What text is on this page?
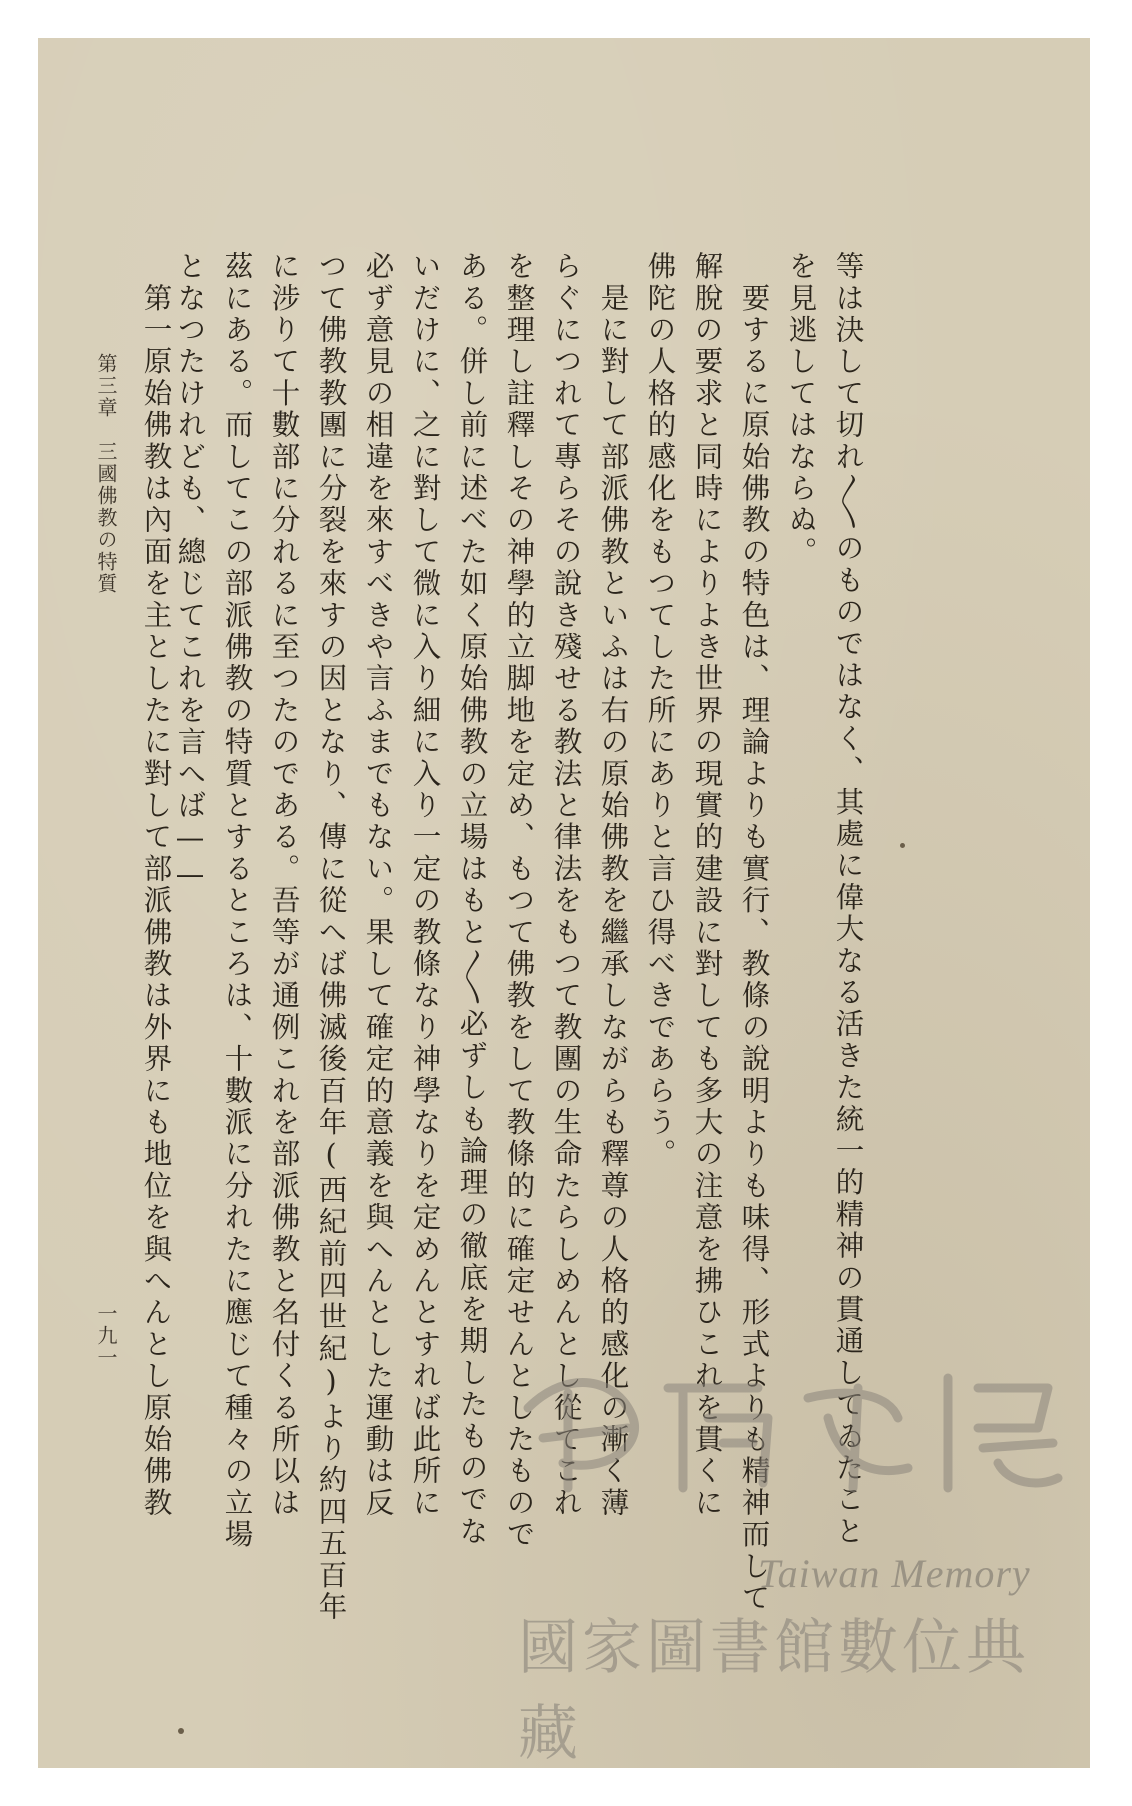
等は決して切れ〳〵のものではなく、其處に偉大なる活きた統一的精神の貫通してゐたこと
を見逃してはならぬ。
　要するに原始佛教の特色は、理論よりも實行、教條の說明よりも味得、形式よりも精神而して
解脫の要求と同時によりよき世界の現實的建設に對しても多大の注意を拂ひこれを貫くに
佛陀の人格的感化をもつてした所にありと言ひ得べきであらう。
　是に對して部派佛教といふは右の原始佛教を繼承しながらも釋尊の人格的感化の漸く薄
らぐにつれて專らその說き殘せる教法と律法をもつて教團の生命たらしめんとし從てこれ
を整理し註釋しその神學的立脚地を定め、もつて佛教をして教條的に確定せんとしたもので
ある。併し前に述べた如く原始佛教の立場はもと〳〵必ずしも論理の徹底を期したものでな
いだけに、之に對して微に入り細に入り一定の教條なり神學なりを定めんとすれば此所に
必ず意見の相違を來すべきや言ふまでもない。果して確定的意義を與へんとした運動は反
つて佛教教團に分裂を來すの因となり、傳に從へば佛滅後百年(西紀前四世紀)より約四五百年
に涉りて十數部に分れるに至つたのである。吾等が通例これを部派佛教と名付くる所以は
茲にある。而してこの部派佛教の特質とするところは、十數派に分れたに應じて種々の立場
となつたけれども、總じてこれを言へば——
　第一原始佛教は內面を主としたに對して部派佛教は外界にも地位を與へんとし原始佛教
第三章　三國佛教の特質
一九一
Taiwan Memory
國家圖書館數位典藏
